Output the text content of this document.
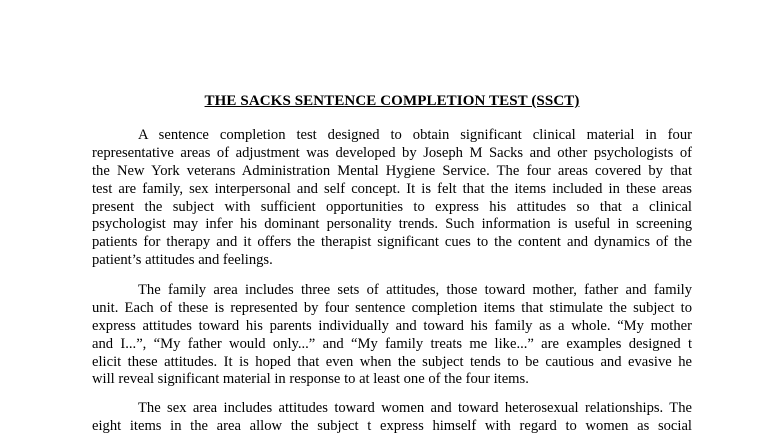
THE SACKS SENTENCE COMPLETION TEST (SSCT)
A sentence completion test designed to obtain significant clinical material in four
representative areas of adjustment was developed by Joseph M Sacks and other psychologists of
the New York veterans Administration Mental Hygiene Service. The four areas covered by that
test are family, sex interpersonal and self concept. It is felt that the items included in these areas
present the subject with sufficient opportunities to express his attitudes so that a clinical
psychologist may infer his dominant personality trends. Such information is useful in screening
patients for therapy and it offers the therapist significant cues to the content and dynamics of the
patient’s attitudes and feelings.
The family area includes three sets of attitudes, those toward mother, father and family
unit. Each of these is represented by four sentence completion items that stimulate the subject to
express attitudes toward his parents individually and toward his family as a whole. “My mother
and I...”, “My father would only...” and “My family treats me like...” are examples designed t
elicit these attitudes. It is hoped that even when the subject tends to be cautious and evasive he
will reveal significant material in response to at least one of the four items.
The sex area includes attitudes toward women and toward heterosexual relationships. The
eight items in the area allow the subject t express himself with regard to women as social
